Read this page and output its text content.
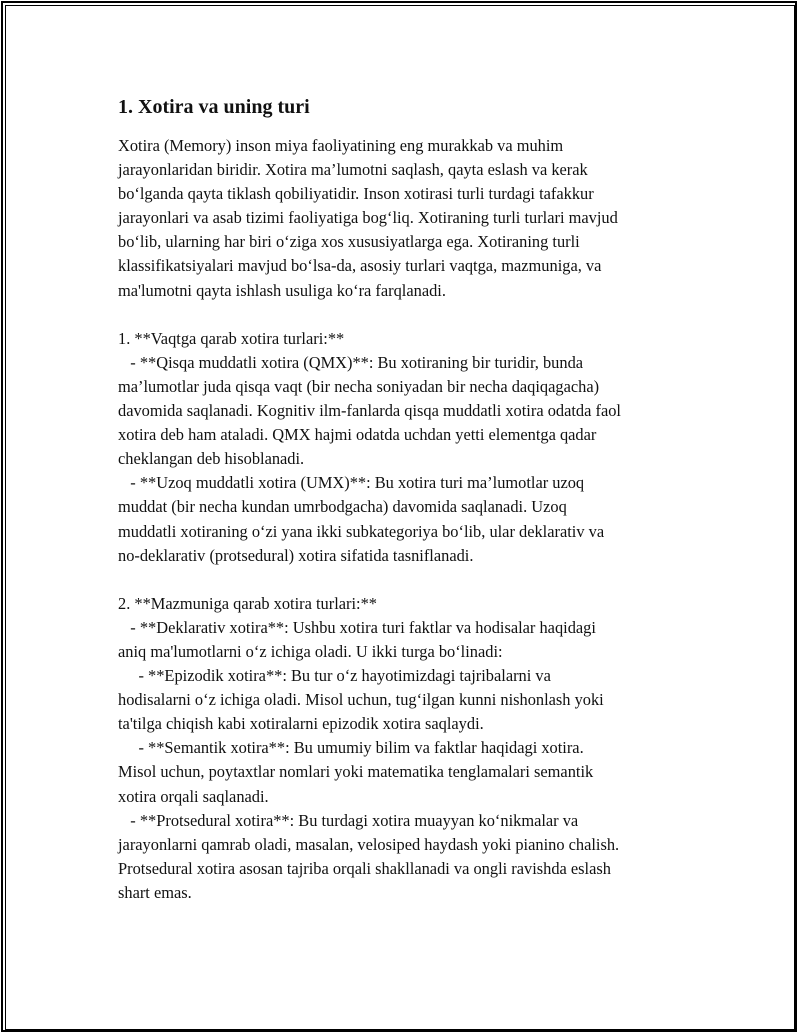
1. Xotira va uning turi
Xotira (Memory) inson miya faoliyatining eng murakkab va muhim
jarayonlaridan biridir. Xotira ma’lumotni saqlash, qayta eslash va kerak
bo‘lganda qayta tiklash qobiliyatidir. Inson xotirasi turli turdagi tafakkur
jarayonlari va asab tizimi faoliyatiga bog‘liq. Xotiraning turli turlari mavjud
bo‘lib, ularning har biri o‘ziga xos xususiyatlarga ega. Xotiraning turli
klassifikatsiyalari mavjud bo‘lsa-da, asosiy turlari vaqtga, mazmuniga, va
ma'lumotni qayta ishlash usuliga ko‘ra farqlanadi.
1. **Vaqtga qarab xotira turlari:**
- **Qisqa muddatli xotira (QMX)**: Bu xotiraning bir turidir, bunda
ma’lumotlar juda qisqa vaqt (bir necha soniyadan bir necha daqiqagacha)
davomida saqlanadi. Kognitiv ilm-fanlarda qisqa muddatli xotira odatda faol
xotira deb ham ataladi. QMX hajmi odatda uchdan yetti elementga qadar
cheklangan deb hisoblanadi.
- **Uzoq muddatli xotira (UMX)**: Bu xotira turi ma’lumotlar uzoq
muddat (bir necha kundan umrbodgacha) davomida saqlanadi. Uzoq
muddatli xotiraning o‘zi yana ikki subkategoriya bo‘lib, ular deklarativ va
no-deklarativ (protsedural) xotira sifatida tasniflanadi.
2. **Mazmuniga qarab xotira turlari:**
- **Deklarativ xotira**: Ushbu xotira turi faktlar va hodisalar haqidagi
aniq ma'lumotlarni o‘z ichiga oladi. U ikki turga bo‘linadi:
- **Epizodik xotira**: Bu tur o‘z hayotimizdagi tajribalarni va
hodisalarni o‘z ichiga oladi. Misol uchun, tug‘ilgan kunni nishonlash yoki
ta'tilga chiqish kabi xotiralarni epizodik xotira saqlaydi.
- **Semantik xotira**: Bu umumiy bilim va faktlar haqidagi xotira.
Misol uchun, poytaxtlar nomlari yoki matematika tenglamalari semantik
xotira orqali saqlanadi.
- **Protsedural xotira**: Bu turdagi xotira muayyan ko‘nikmalar va
jarayonlarni qamrab oladi, masalan, velosiped haydash yoki pianino chalish.
Protsedural xotira asosan tajriba orqali shakllanadi va ongli ravishda eslash
shart emas.
